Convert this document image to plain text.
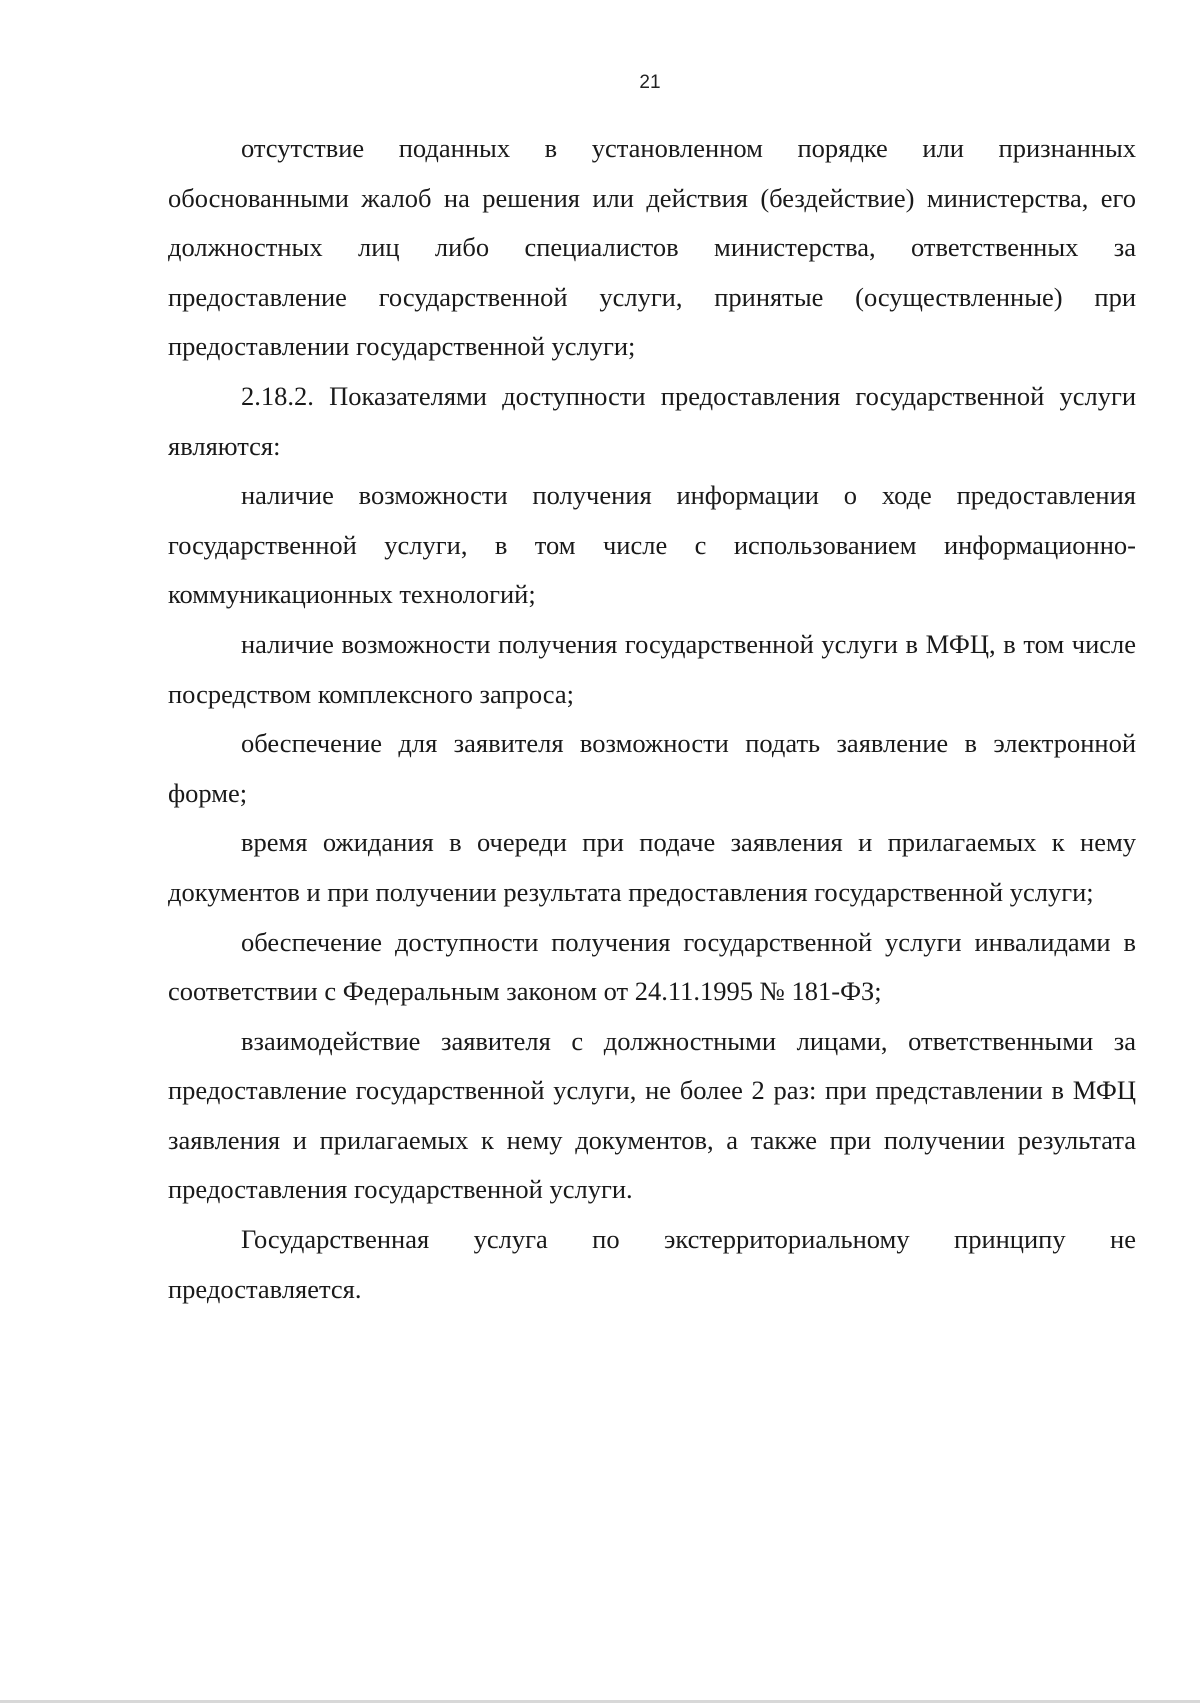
21

отсутствие поданных в установленном порядке или признанных обоснованными жалоб на решения или действия (бездействие) министерства, его должностных лиц либо специалистов министерства, ответственных за предоставление государственной услуги, принятые (осуществленные) при предоставлении государственной услуги;

2.18.2. Показателями доступности предоставления государственной услуги являются:

наличие возможности получения информации о ходе предоставления государственной услуги, в том числе с использованием информационно-коммуникационных технологий;

наличие возможности получения государственной услуги в МФЦ, в том числе посредством комплексного запроса;

обеспечение для заявителя возможности подать заявление в электронной форме;

время ожидания в очереди при подаче заявления и прилагаемых к нему документов и при получении результата предоставления государственной услуги;

обеспечение доступности получения государственной услуги инвалидами в соответствии с Федеральным законом от 24.11.1995 № 181-ФЗ;

взаимодействие заявителя с должностными лицами, ответственными за предоставление государственной услуги, не более 2 раз: при представлении в МФЦ заявления и прилагаемых к нему документов, а также при получении результата предоставления государственной услуги.

Государственная услуга по экстерриториальному принципу не предоставляется.
